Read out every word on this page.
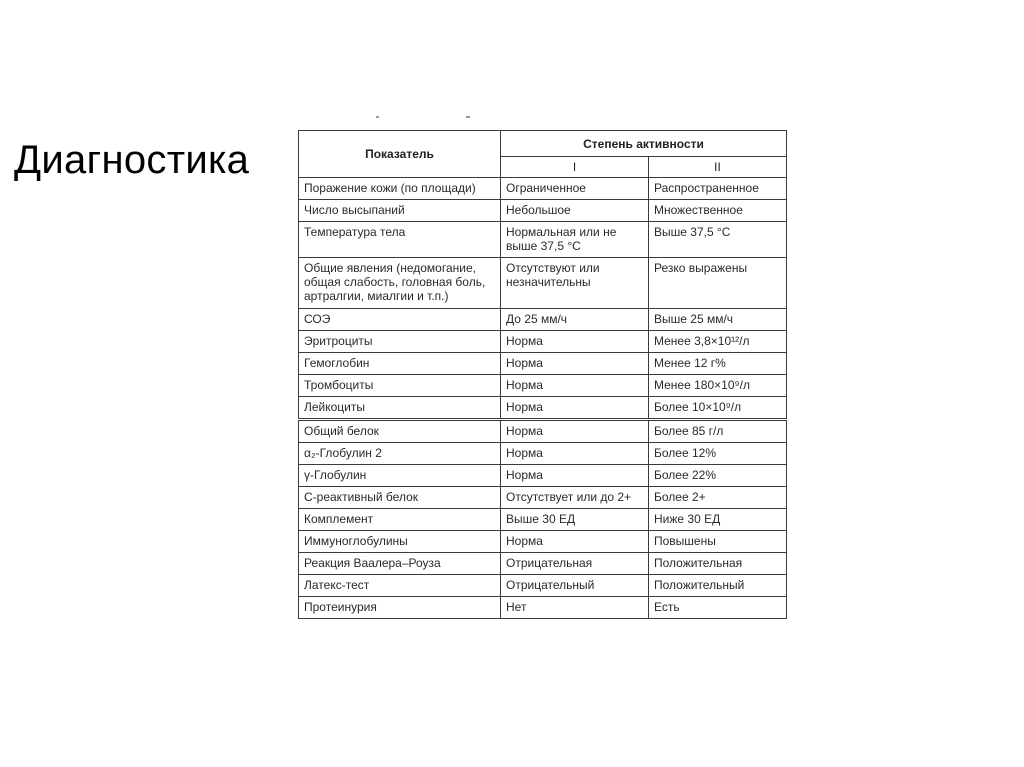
Диагностика	Показатель	Степень активности	
	I	II
Поражение кожи (по площади)	Ограниченное	Распространенное
Число высыпаний	Небольшое	Множественное
Температура тела	Нормальная или не выше 37,5 °С	Выше 37,5 °С
Общие явления (недомогание, общая слабость, головная боль, артралгии, миалгии и т.п.)	Отсутствуют или незначительны	Резко выражены
СОЭ	До 25 мм/ч	Выше 25 мм/ч
Эритроциты	Норма	Менее 3,8×10¹²/л
Гемоглобин	Норма	Менее 12 г%
Тромбоциты	Норма	Менее 180×10⁹/л
Лейкоциты	Норма	Более 10×10⁹/л
Общий белок	Норма	Более 85 г/л
α₂-Глобулин 2	Норма	Более 12%
γ-Глобулин	Норма	Более 22%
С-реактивный белок	Отсутствует или до 2+	Более 2+
Комплемент	Выше 30 ЕД	Ниже 30 ЕД
Иммуноглобулины	Норма	Повышены
Реакция Ваалера–Роуза	Отрицательная	Положительная
Латекс-тест	Отрицательный	Положительный
Протеинурия	Нет	Есть
